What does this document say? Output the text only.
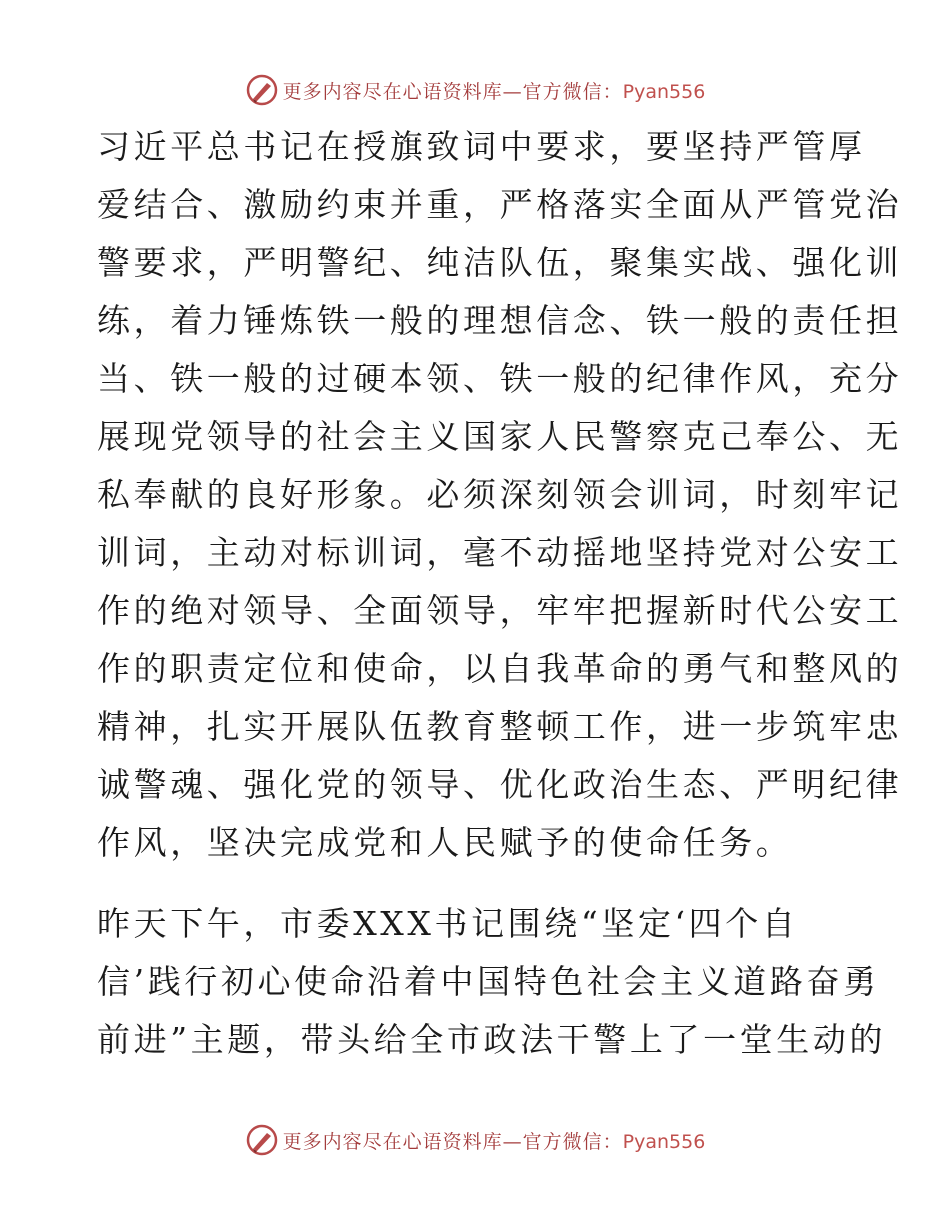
更多内容尽在心语资料库—官方微信：Pyan556
习近平总书记在授旗致词中要求，要坚持严管厚
爱结合、激励约束并重，严格落实全面从严管党治
警要求，严明警纪、纯洁队伍，聚集实战、强化训
练，着力锤炼铁一般的理想信念、铁一般的责任担
当、铁一般的过硬本领、铁一般的纪律作风，充分
展现党领导的社会主义国家人民警察克己奉公、无
私奉献的良好形象。必须深刻领会训词，时刻牢记
训词，主动对标训词，毫不动摇地坚持党对公安工
作的绝对领导、全面领导，牢牢把握新时代公安工
作的职责定位和使命，以自我革命的勇气和整风的
精神，扎实开展队伍教育整顿工作，进一步筑牢忠
诚警魂、强化党的领导、优化政治生态、严明纪律
作风，坚决完成党和人民赋予的使命任务。
昨天下午，市委XXX书记围绕“坚定‘四个自
信’践行初心使命沿着中国特色社会主义道路奋勇
前进”主题，带头给全市政法干警上了一堂生动的
更多内容尽在心语资料库—官方微信：Pyan556
